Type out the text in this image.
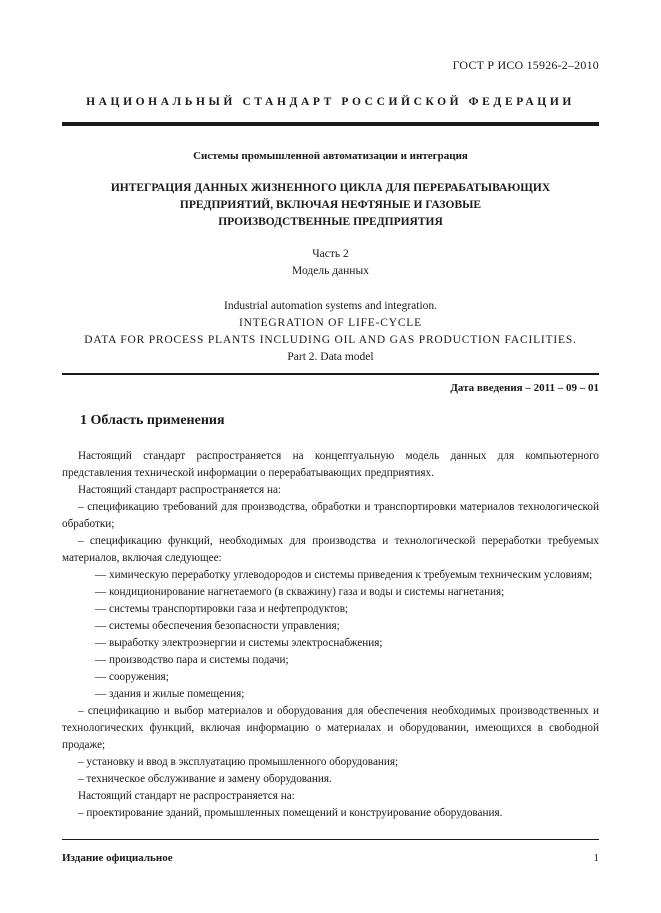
ГОСТ Р ИСО 15926-2–2010
НАЦИОНАЛЬНЫЙ СТАНДАРТ РОССИЙСКОЙ ФЕДЕРАЦИИ
Системы промышленной автоматизации и интеграция
ИНТЕГРАЦИЯ ДАННЫХ ЖИЗНЕННОГО ЦИКЛА ДЛЯ ПЕРЕРАБАТЫВАЮЩИХ
ПРЕДПРИЯТИЙ, ВКЛЮЧАЯ НЕФТЯНЫЕ И ГАЗОВЫЕ
ПРОИЗВОДСТВЕННЫЕ ПРЕДПРИЯТИЯ
Часть 2
Модель данных
Industrial automation systems and integration.
INTEGRATION OF LIFE-CYCLE
DATA FOR PROCESS PLANTS INCLUDING OIL AND GAS PRODUCTION FACILITIES.
Part 2. Data model
Дата введения – 2011 – 09 – 01
1 Область применения

Настоящий стандарт распространяется на концептуальную модель данных для компьютерного представления технической информации о перерабатывающих предприятиях.

Настоящий стандарт распространяется на:

– спецификацию требований для производства, обработки и транспортировки материалов технологической обработки;

– спецификацию функций, необходимых для производства и технологической переработки требуемых материалов, включая следующее:

— химическую переработку углеводородов и системы приведения к требуемым техническим условиям;

— кондиционирование нагнетаемого (в скважину) газа и воды и системы нагнетания;

— системы транспортировки газа и нефтепродуктов;

— системы обеспечения безопасности управления;

— выработку электроэнергии и системы электроснабжения;

— производство пара и системы подачи;

— сооружения;

— здания и жилые помещения;

– спецификацию и выбор материалов и оборудования для обеспечения необходимых производственных и технологических функций, включая информацию о материалах и оборудовании, имеющихся в свободной продаже;

– установку и ввод в эксплуатацию промышленного оборудования;

– техническое обслуживание и замену оборудования.

Настоящий стандарт не распространяется на:

– проектирование зданий, промышленных помещений и конструирование оборудования.

Издание официальное	1
